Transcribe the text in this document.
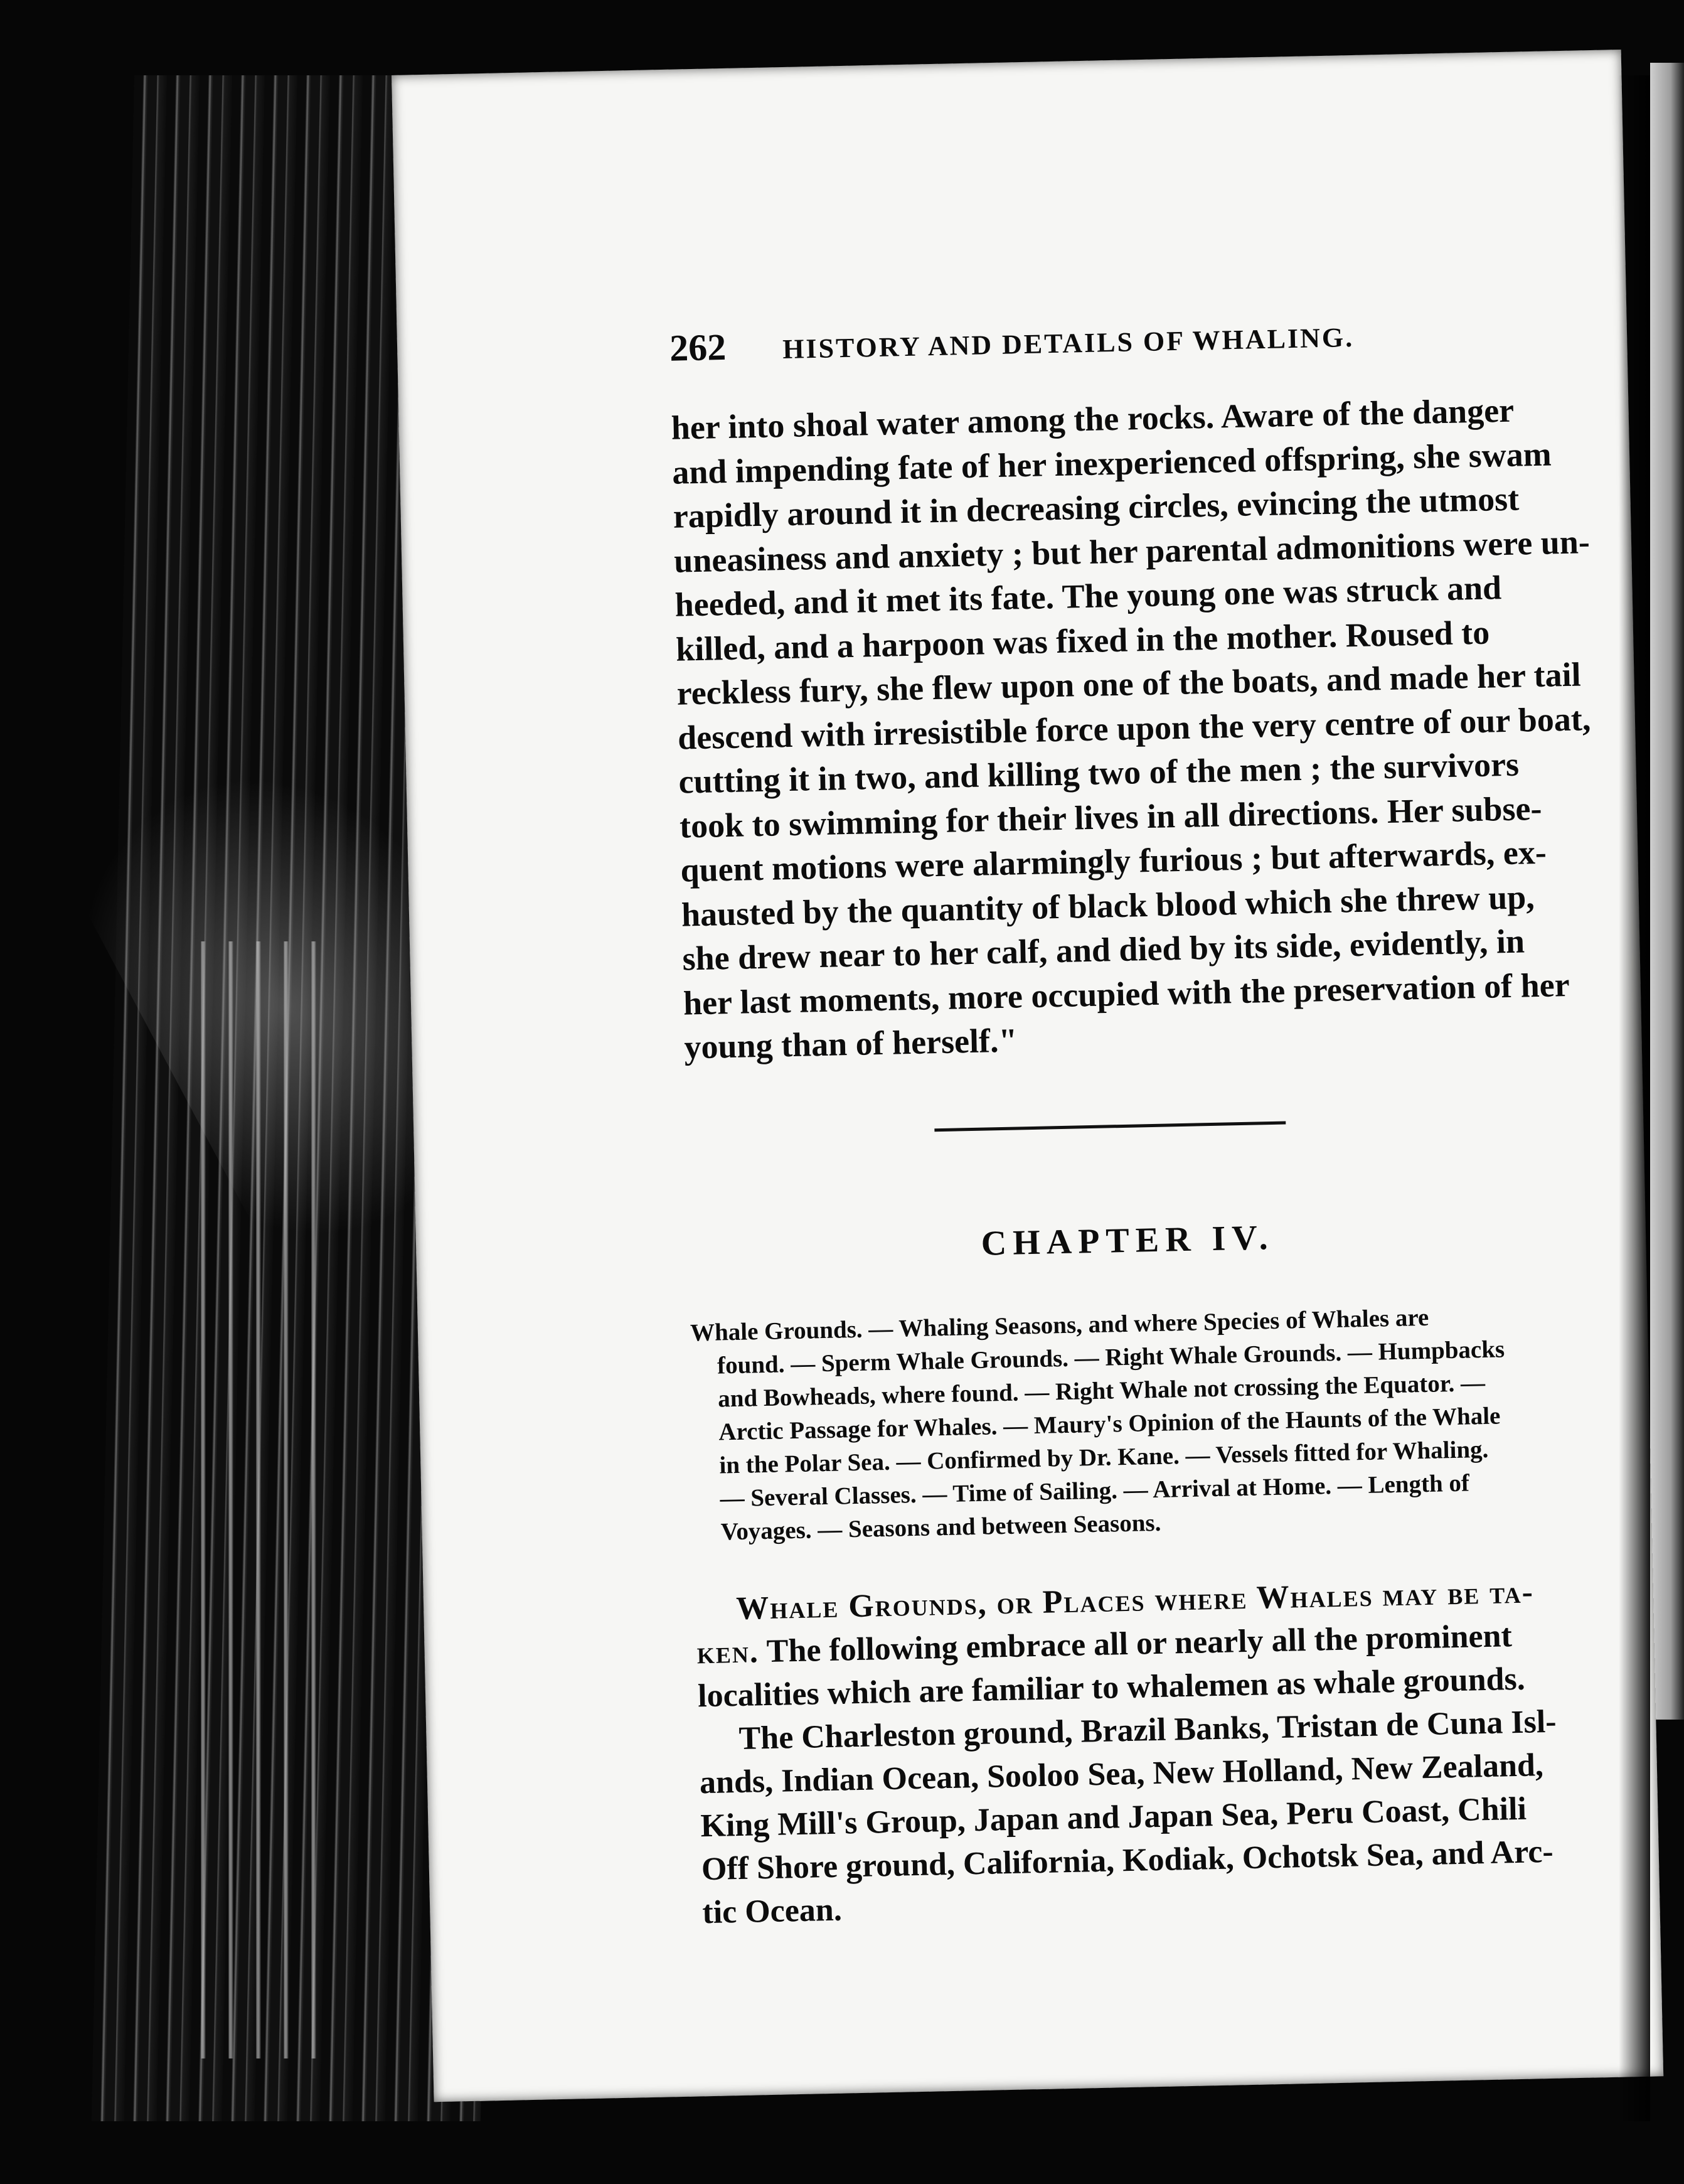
262	HISTORY AND DETAILS OF WHALING.

her into shoal water among the rocks. Aware of the danger
and impending fate of her inexperienced offspring, she swam
rapidly around it in decreasing circles, evincing the utmost
uneasiness and anxiety ; but her parental admonitions were un-
heeded, and it met its fate. The young one was struck and
killed, and a harpoon was fixed in the mother. Roused to
reckless fury, she flew upon one of the boats, and made her tail
descend with irresistible force upon the very centre of our boat,
cutting it in two, and killing two of the men ; the survivors
took to swimming for their lives in all directions. Her subse-
quent motions were alarmingly furious ; but afterwards, ex-
hausted by the quantity of black blood which she threw up,
she drew near to her calf, and died by its side, evidently, in
her last moments, more occupied with the preservation of her
young than of herself."

CHAPTER IV.
Whale Grounds. — Whaling Seasons, and where Species of Whales are
found. — Sperm Whale Grounds. — Right Whale Grounds. — Humpbacks
and Bowheads, where found. — Right Whale not crossing the Equator. —
Arctic Passage for Whales. — Maury's Opinion of the Haunts of the Whale
in the Polar Sea. — Confirmed by Dr. Kane. — Vessels fitted for Whaling.
— Several Classes. — Time of Sailing. — Arrival at Home. — Length of
Voyages. — Seasons and between Seasons.
Whale Grounds, or Places where Whales may be ta-
ken. The following embrace all or nearly all the prominent
localities which are familiar to whalemen as whale grounds.
The Charleston ground, Brazil Banks, Tristan de Cuna Isl-
ands, Indian Ocean, Sooloo Sea, New Holland, New Zealand,
King Mill's Group, Japan and Japan Sea, Peru Coast, Chili
Off Shore ground, California, Kodiak, Ochotsk Sea, and Arc-
tic Ocean.
